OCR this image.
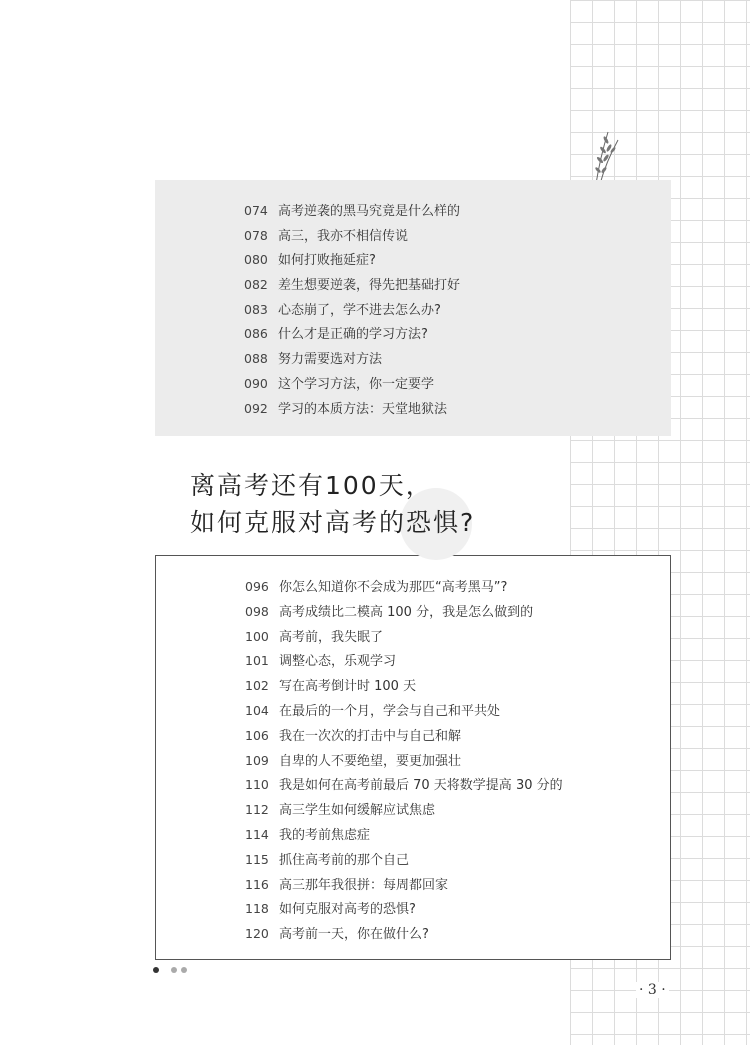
074 高考逆袭的黑马究竟是什么样的
078 高三，我亦不相信传说
080 如何打败拖延症?
082 差生想要逆袭，得先把基础打好
083 心态崩了，学不进去怎么办?
086 什么才是正确的学习方法?
088 努力需要选对方法
090 这个学习方法，你一定要学
092 学习的本质方法：天堂地狱法
离高考还有100天，
如何克服对高考的恐惧?
096 你怎么知道你不会成为那匹“高考黑马”?
098 高考成绩比二模高 100 分，我是怎么做到的
100 高考前，我失眠了
101 调整心态，乐观学习
102 写在高考倒计时 100 天
104 在最后的一个月，学会与自己和平共处
106 我在一次次的打击中与自己和解
109 自卑的人不要绝望，要更加强壮
110 我是如何在高考前最后 70 天将数学提高 30 分的
112 高三学生如何缓解应试焦虑
114 我的考前焦虑症
115 抓住高考前的那个自己
116 高三那年我很拼：每周都回家
118 如何克服对高考的恐惧?
120 高考前一天，你在做什么?
· 3 ·
